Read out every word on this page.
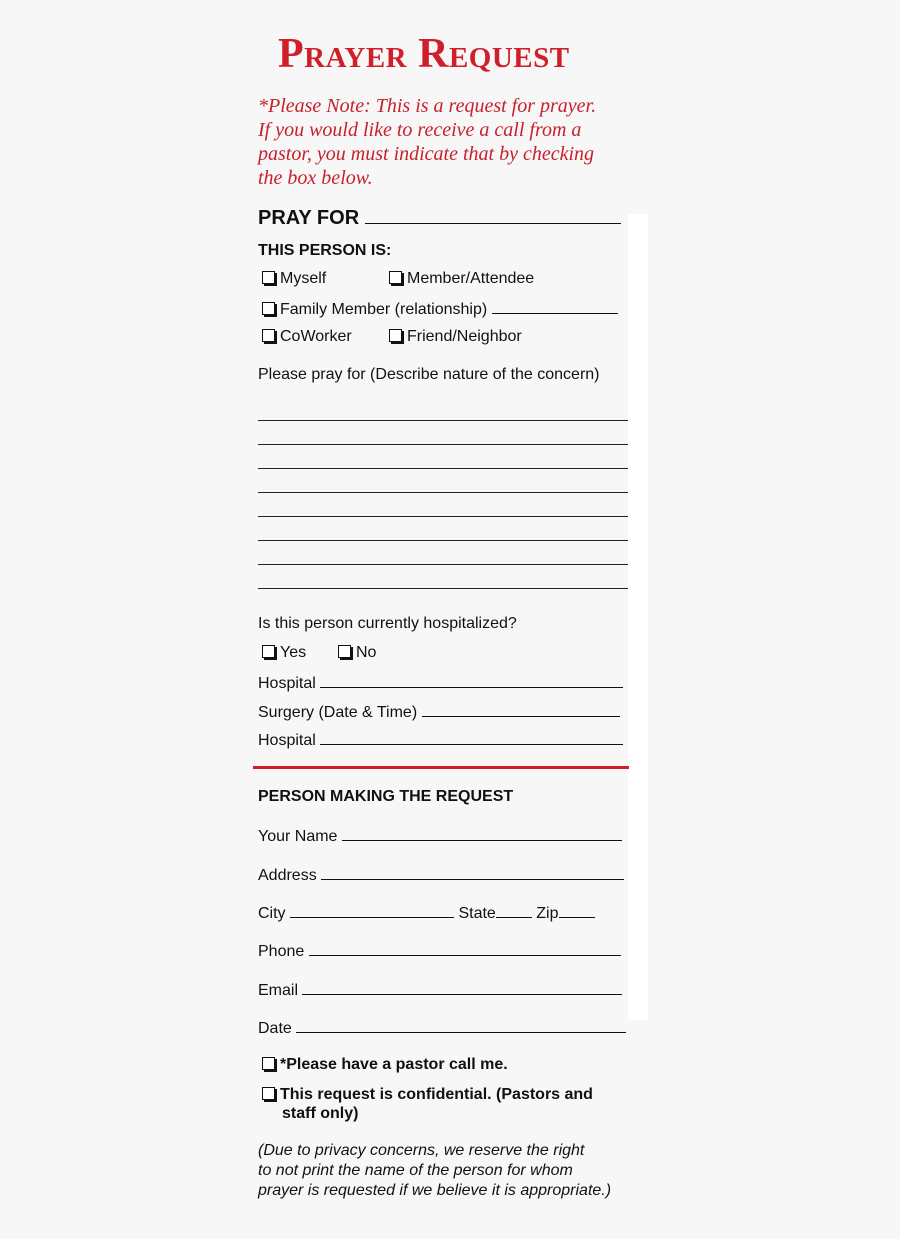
Prayer Request
*Please Note: This is a request for prayer.
If you would like to receive a call from a
pastor, you must indicate that by checking
the box below.
PRAY FOR
THIS PERSON IS:
Myself	Member/Attendee
Family Member (relationship)
CoWorker	Friend/Neighbor
Please pray for (Describe nature of the concern)
Is this person currently hospitalized?
Yes	No
Hospital
Surgery (Date & Time)
Hospital
PERSON MAKING THE REQUEST
Your Name
Address
City	State	Zip
Phone
Email
Date
*Please have a pastor call me.
This request is confidential. (Pastors and
staff only)
(Due to privacy concerns, we reserve the right
to not print the name of the person for whom
prayer is requested if we believe it is appropriate.)
